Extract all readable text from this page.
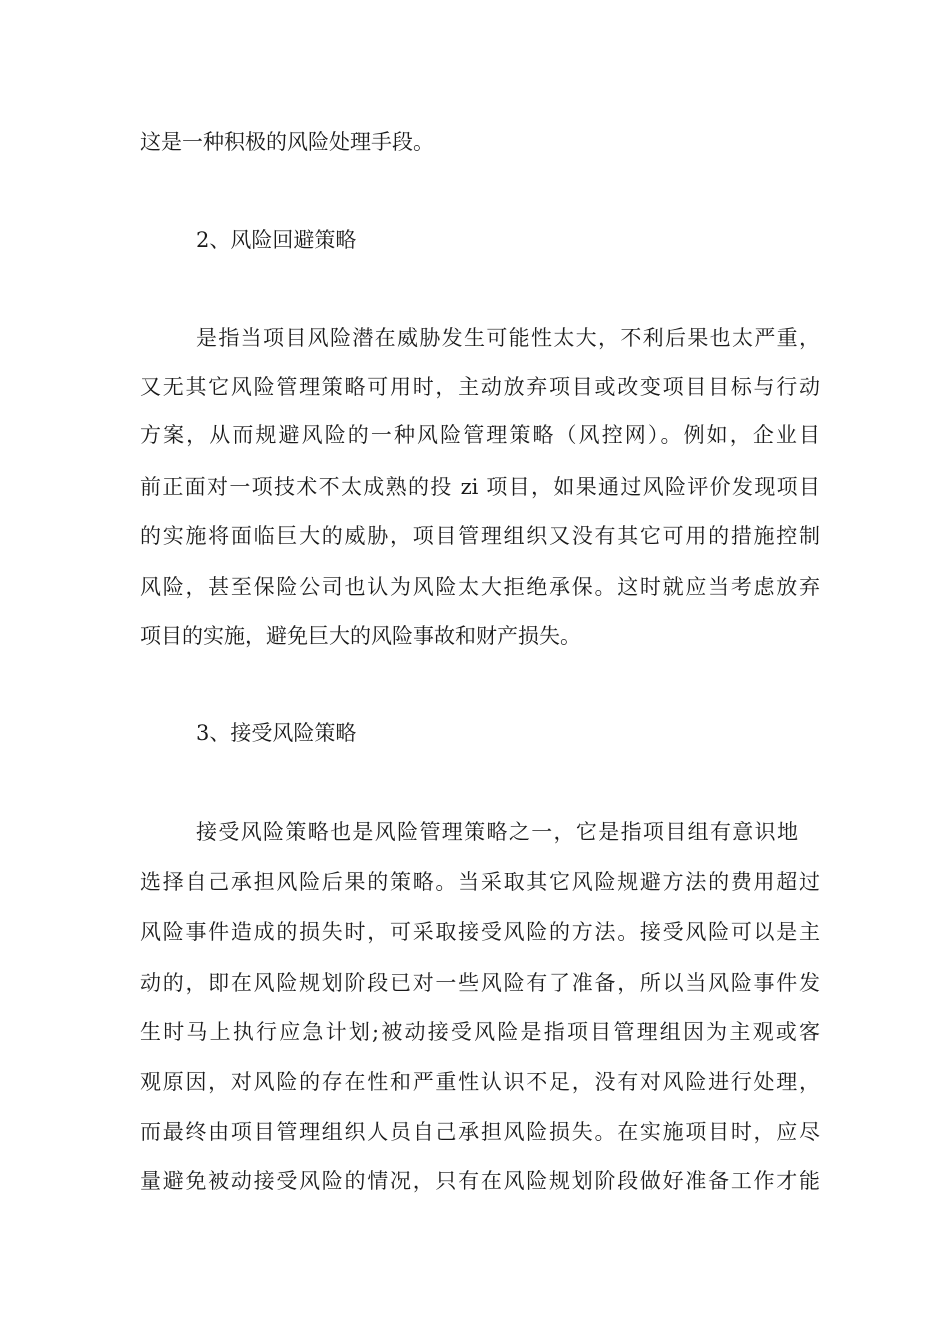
这是一种积极的风险处理手段。
2、风险回避策略
是指当项目风险潜在威胁发生可能性太大，不利后果也太严重，
又无其它风险管理策略可用时，主动放弃项目或改变项目目标与行动
方案，从而规避风险的一种风险管理策略（风控网）。例如，企业目
前正面对一项技术不太成熟的投 zi 项目，如果通过风险评价发现项目
的实施将面临巨大的威胁，项目管理组织又没有其它可用的措施控制
风险，甚至保险公司也认为风险太大拒绝承保。这时就应当考虑放弃
项目的实施，避免巨大的风险事故和财产损失。
3、接受风险策略
接受风险策略也是风险管理策略之一，它是指项目组有意识地
选择自己承担风险后果的策略。当采取其它风险规避方法的费用超过
风险事件造成的损失时，可采取接受风险的方法。接受风险可以是主
动的，即在风险规划阶段已对一些风险有了准备，所以当风险事件发
生时马上执行应急计划;被动接受风险是指项目管理组因为主观或客
观原因，对风险的存在性和严重性认识不足，没有对风险进行处理，
而最终由项目管理组织人员自己承担风险损失。在实施项目时，应尽
量避免被动接受风险的情况，只有在风险规划阶段做好准备工作才能
